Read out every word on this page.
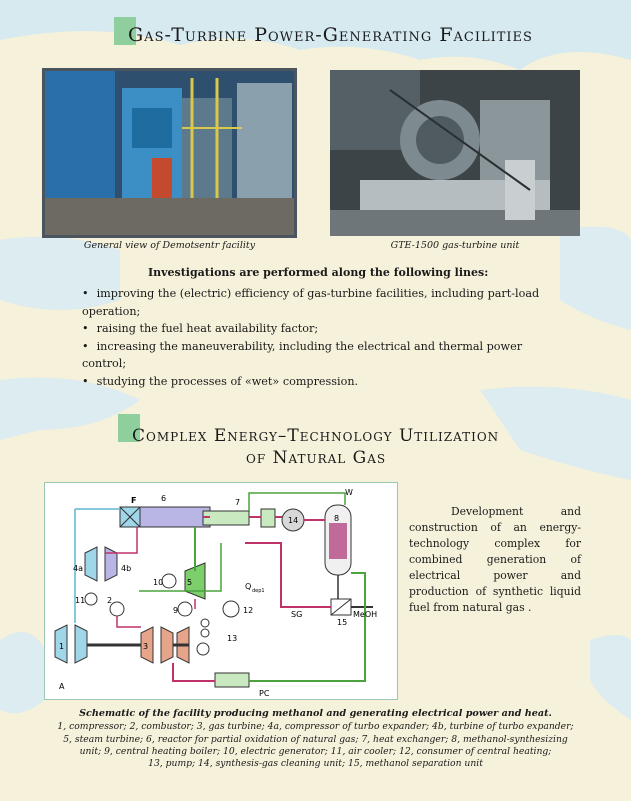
Gas-Turbine Power-Generating Facilities
General view of Demotsentr facility	GTE-1500 gas-turbine unit
Investigations are performed along the following lines:
• improving the (electric) efficiency of gas-turbine facilities, including part-load operation;
• raising the fuel heat availability factor;
• increasing the maneuverability, including the electrical and thermal power control;
• studying the processes of «wet» compression.
Complex Energy–Technology Utilization
of Natural Gas
F	6	7
W
14	8
4a	4b
5
10	Q dep1
11	2
9	12	SG
15
MeOH
13
1	3
A
PC
Development and construction of an energy-technology complex for combined generation of electrical power and production of synthetic liquid fuel from natural gas .
Schematic of the facility producing methanol and generating electrical power and heat.
1, compressor; 2, combustor; 3, gas turbine; 4a, compressor of turbo expander; 4b, turbine of turbo expander;
5, steam turbine; 6, reactor for partial oxidation of natural gas; 7, heat exchanger; 8, methanol-synthesizing
unit; 9, central heating boiler; 10, electric generator; 11, air cooler; 12, consumer of central heating;
13, pump; 14, synthesis-gas cleaning unit; 15, methanol separation unit
